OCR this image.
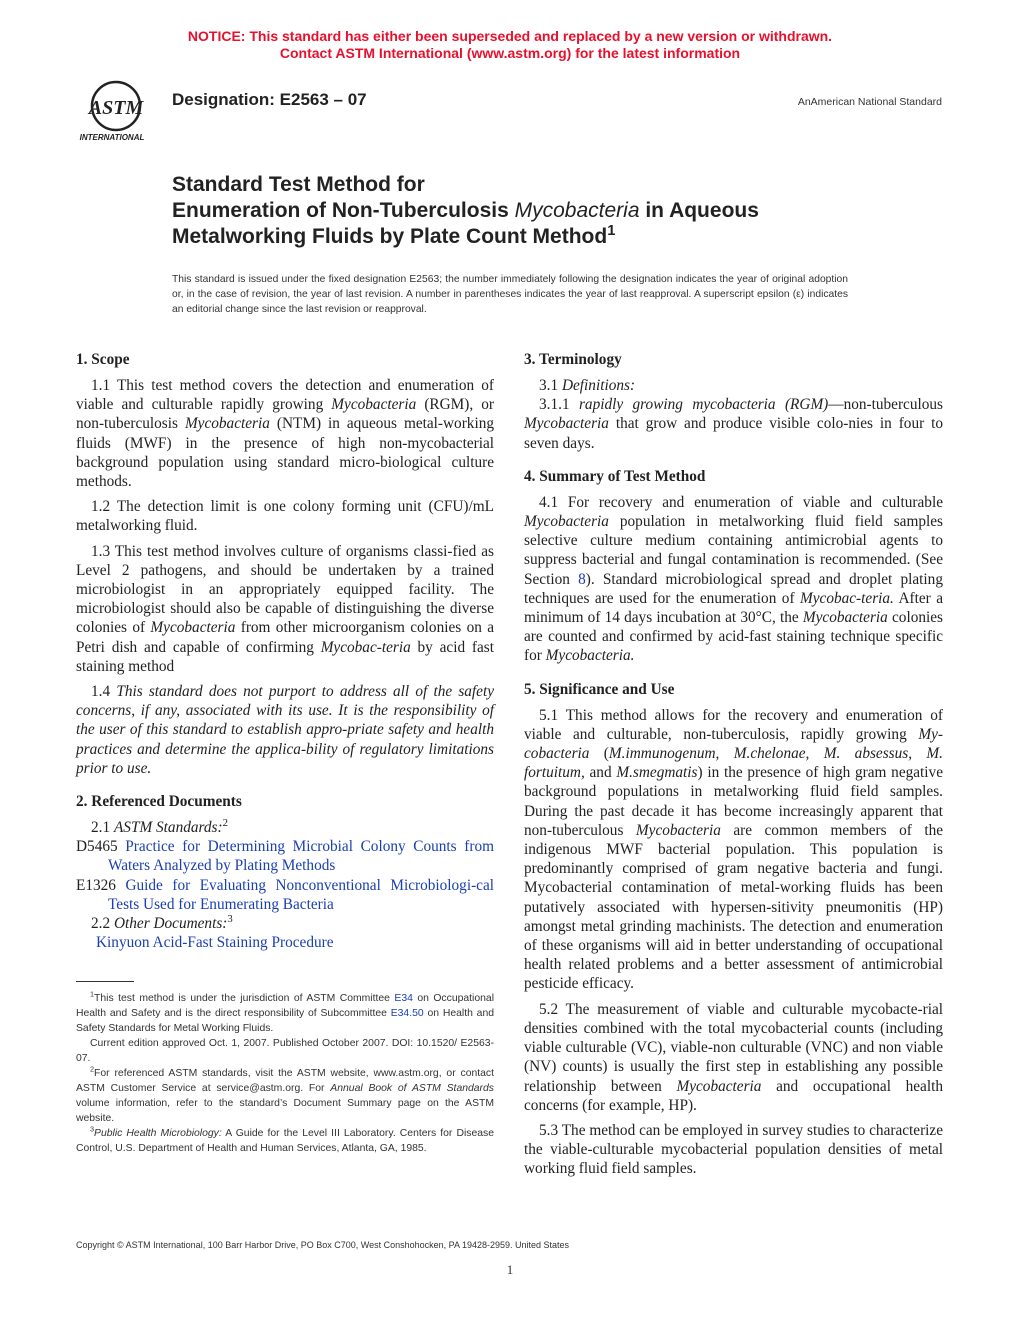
NOTICE: This standard has either been superseded and replaced by a new version or withdrawn.
Contact ASTM International (www.astm.org) for the latest information
ASTM
INTERNATIONAL
Designation: E2563 – 07	AnAmerican National Standard
Standard Test Method for
Enumeration of Non-Tuberculosis Mycobacteria in Aqueous
Metalworking Fluids by Plate Count Method$^1$
This standard is issued under the fixed designation E2563; the number immediately following the designation indicates the year of original adoption or, in the case of revision, the year of last revision. A number in parentheses indicates the year of last reapproval. A superscript epsilon (ε) indicates an editorial change since the last revision or reapproval.
1. Scope

1.1 This test method covers the detection and enumeration of viable and culturable rapidly growing Mycobacteria (RGM), or non-tuberculosis Mycobacteria (NTM) in aqueous metal-working fluids (MWF) in the presence of high non-mycobacterial background population using standard micro-biological culture methods.

1.2 The detection limit is one colony forming unit (CFU)/mL metalworking fluid.

1.3 This test method involves culture of organisms classi-fied as Level 2 pathogens, and should be undertaken by a trained microbiologist in an appropriately equipped facility. The microbiologist should also be capable of distinguishing the diverse colonies of Mycobacteria from other microorganism colonies on a Petri dish and capable of confirming Mycobac-teria by acid fast staining method

1.4 This standard does not purport to address all of the safety concerns, if any, associated with its use. It is the responsibility of the user of this standard to establish appro-priate safety and health practices and determine the applica-bility of regulatory limitations prior to use.

2. Referenced Documents

2.1 ASTM Standards:$^2$

D5465 Practice for Determining Microbial Colony Counts from Waters Analyzed by Plating Methods

E1326 Guide for Evaluating Nonconventional Microbiologi-cal Tests Used for Enumerating Bacteria

2.2 Other Documents:$^3$

Kinyuon Acid-Fast Staining Procedure

$^1$This test method is under the jurisdiction of ASTM Committee E34 on Occupational Health and Safety and is the direct responsibility of Subcommittee E34.50 on Health and Safety Standards for Metal Working Fluids.

Current edition approved Oct. 1, 2007. Published October 2007. DOI: 10.1520/ E2563-07.

$^2$For referenced ASTM standards, visit the ASTM website, www.astm.org, or contact ASTM Customer Service at service@astm.org. For Annual Book of ASTM Standards volume information, refer to the standard’s Document Summary page on the ASTM website.

$^3$Public Health Microbiology: A Guide for the Level III Laboratory. Centers for Disease Control, U.S. Department of Health and Human Services, Atlanta, GA, 1985.

3. Terminology

3.1 Definitions:

3.1.1 rapidly growing mycobacteria (RGM)—non-tuberculous Mycobacteria that grow and produce visible colo-nies in four to seven days.

4. Summary of Test Method

4.1 For recovery and enumeration of viable and culturable Mycobacteria population in metalworking fluid field samples selective culture medium containing antimicrobial agents to suppress bacterial and fungal contamination is recommended. (See Section 8). Standard microbiological spread and droplet plating techniques are used for the enumeration of Mycobac-teria. After a minimum of 14 days incubation at 30°C, the Mycobacteria colonies are counted and confirmed by acid-fast staining technique specific for Mycobacteria.

5. Significance and Use

5.1 This method allows for the recovery and enumeration of viable and culturable, non-tuberculosis, rapidly growing My-cobacteria (M.immunogenum, M.chelonae, M. absessus, M. fortuitum, and M.smegmatis) in the presence of high gram negative background populations in metalworking fluid field samples. During the past decade it has become increasingly apparent that non-tuberculous Mycobacteria are common members of the indigenous MWF bacterial population. This population is predominantly comprised of gram negative bacteria and fungi. Mycobacterial contamination of metal-working fluids has been putatively associated with hypersen-sitivity pneumonitis (HP) amongst metal grinding machinists. The detection and enumeration of these organisms will aid in better understanding of occupational health related problems and a better assessment of antimicrobial pesticide efficacy.

5.2 The measurement of viable and culturable mycobacte-rial densities combined with the total mycobacterial counts (including viable culturable (VC), viable-non culturable (VNC) and non viable (NV) counts) is usually the first step in establishing any possible relationship between Mycobacteria and occupational health concerns (for example, HP).

5.3 The method can be employed in survey studies to characterize the viable-culturable mycobacterial population densities of metal working fluid field samples.

Copyright © ASTM International, 100 Barr Harbor Drive, PO Box C700, West Conshohocken, PA 19428-2959. United States
1
